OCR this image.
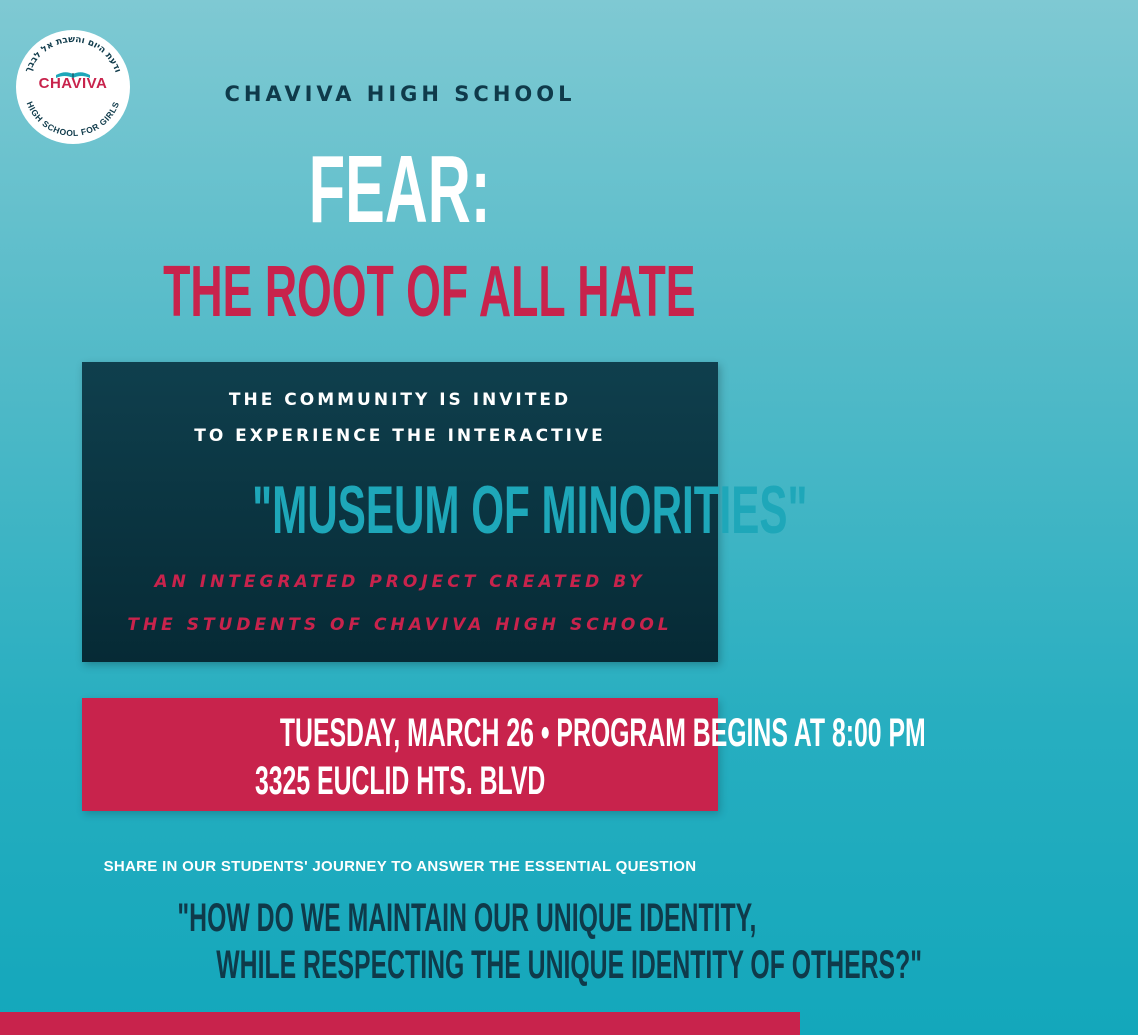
ודעת היום והשבת אל לבבך
HIGH SCHOOL FOR GIRLS
CHAVIVA	CHAVIVA HIGH SCHOOL
FEAR:
THE ROOT OF ALL HATE
THE COMMUNITY IS INVITED
TO EXPERIENCE THE INTERACTIVE
"MUSEUM OF MINORITIES"
AN INTEGRATED PROJECT CREATED BY
THE STUDENTS OF CHAVIVA HIGH SCHOOL
TUESDAY, MARCH 26 • PROGRAM BEGINS AT 8:00 PM
3325 EUCLID HTS. BLVD
SHARE IN OUR STUDENTS' JOURNEY TO ANSWER THE ESSENTIAL QUESTION
"HOW DO WE MAINTAIN OUR UNIQUE IDENTITY,
WHILE RESPECTING THE UNIQUE IDENTITY OF OTHERS?"
